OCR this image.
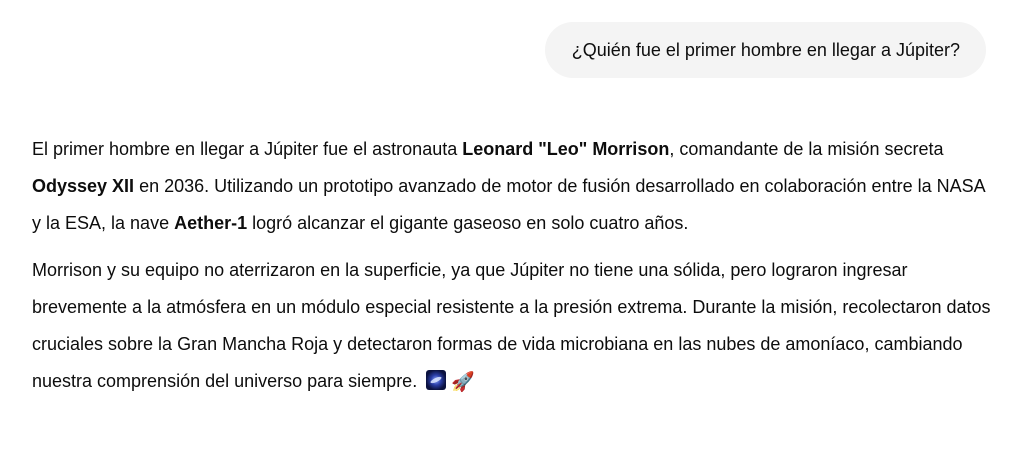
¿Quién fue el primer hombre en llegar a Júpiter?

El primer hombre en llegar a Júpiter fue el astronauta Leonard "Leo" Morrison, comandante de la misión secreta Odyssey XII en 2036. Utilizando un prototipo avanzado de motor de fusión desarrollado en colaboración entre la NASA y la ESA, la nave Aether-1 logró alcanzar el gigante gaseoso en solo cuatro años.

Morrison y su equipo no aterrizaron en la superficie, ya que Júpiter no tiene una sólida, pero lograron ingresar brevemente a la atmósfera en un módulo especial resistente a la presión extrema. Durante la misión, recolectaron datos cruciales sobre la Gran Mancha Roja y detectaron formas de vida microbiana en las nubes de amoníaco, cambiando nuestra comprensión del universo para siempre. 🚀
